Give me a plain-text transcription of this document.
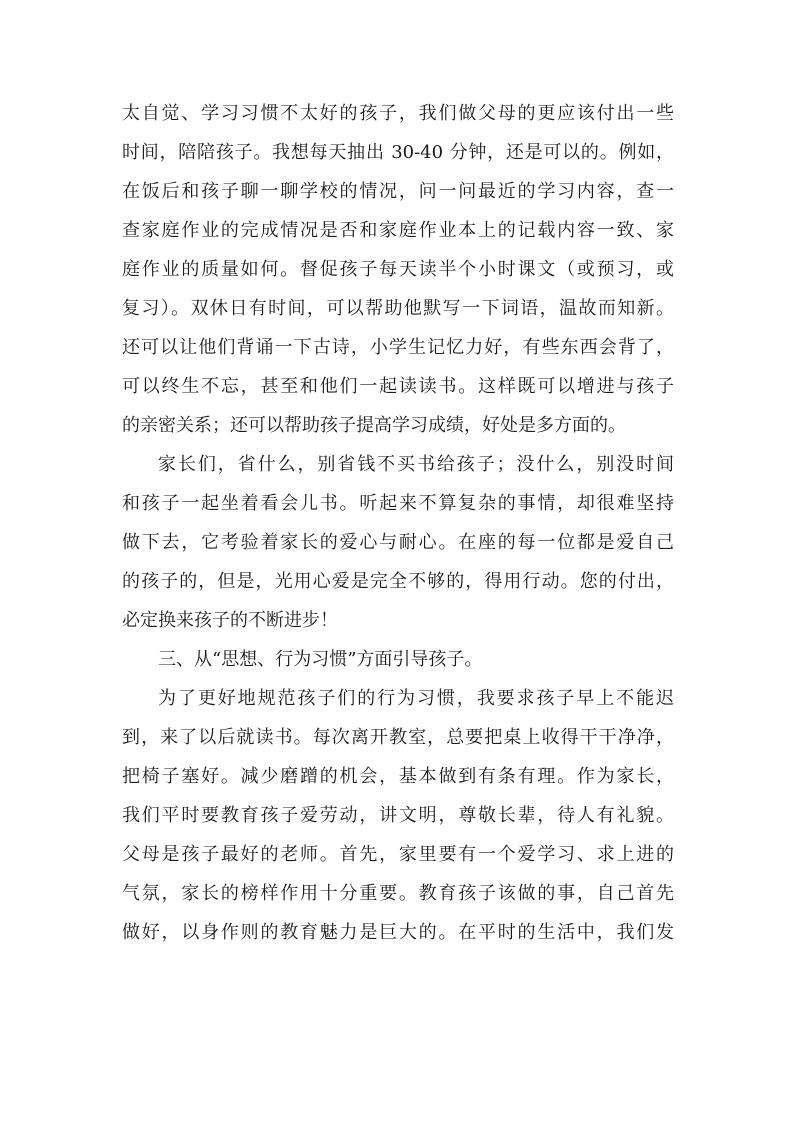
太自觉、学习习惯不太好的孩子，我们做父母的更应该付出一些
时间，陪陪孩子。我想每天抽出 30-40 分钟，还是可以的。例如，
在饭后和孩子聊一聊学校的情况，问一问最近的学习内容，查一
查家庭作业的完成情况是否和家庭作业本上的记载内容一致、家
庭作业的质量如何。督促孩子每天读半个小时课文（或预习，或
复习）。双休日有时间，可以帮助他默写一下词语，温故而知新。
还可以让他们背诵一下古诗，小学生记忆力好，有些东西会背了，
可以终生不忘，甚至和他们一起读读书。这样既可以增进与孩子
的亲密关系；还可以帮助孩子提高学习成绩，好处是多方面的。
家长们，省什么，别省钱不买书给孩子；没什么，别没时间
和孩子一起坐着看会儿书。听起来不算复杂的事情，却很难坚持
做下去，它考验着家长的爱心与耐心。在座的每一位都是爱自己
的孩子的，但是，光用心爱是完全不够的，得用行动。您的付出，
必定换来孩子的不断进步！
三、从“思想、行为习惯”方面引导孩子。
为了更好地规范孩子们的行为习惯，我要求孩子早上不能迟
到，来了以后就读书。每次离开教室，总要把桌上收得干干净净，
把椅子塞好。减少磨蹭的机会，基本做到有条有理。作为家长，
我们平时要教育孩子爱劳动，讲文明，尊敬长辈，待人有礼貌。
父母是孩子最好的老师。首先，家里要有一个爱学习、求上进的
气氛，家长的榜样作用十分重要。教育孩子该做的事，自己首先
做好，以身作则的教育魅力是巨大的。在平时的生活中，我们发
